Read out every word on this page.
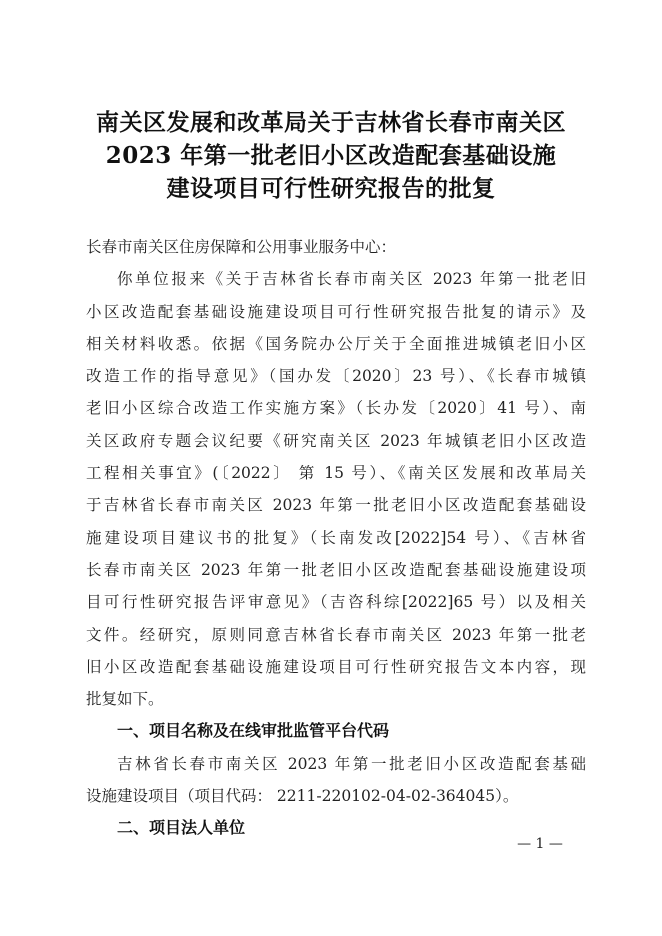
南关区发展和改革局关于吉林省长春市南关区
2023 年第一批老旧小区改造配套基础设施
建设项目可行性研究报告的批复
长春市南关区住房保障和公用事业服务中心：
你单位报来《关于吉林省长春市南关区 2023 年第一批老旧
小区改造配套基础设施建设项目可行性研究报告批复的请示》及
相关材料收悉。依据《国务院办公厅关于全面推进城镇老旧小区
改造工作的指导意见》（国办发〔2020〕23 号）、《长春市城镇
老旧小区综合改造工作实施方案》（长办发〔2020〕41 号）、南
关区政府专题会议纪要《研究南关区 2023 年城镇老旧小区改造
工程相关事宜》(〔2022〕 第 15 号）、《南关区发展和改革局关
于吉林省长春市南关区 2023 年第一批老旧小区改造配套基础设
施建设项目建议书的批复》（长南发改[2022]54 号）、《吉林省
长春市南关区 2023 年第一批老旧小区改造配套基础设施建设项
目可行性研究报告评审意见》（吉咨科综[2022]65 号）以及相关
文件。经研究，原则同意吉林省长春市南关区 2023 年第一批老
旧小区改造配套基础设施建设项目可行性研究报告文本内容，现
批复如下。
一、项目名称及在线审批监管平台代码
吉林省长春市南关区 2023 年第一批老旧小区改造配套基础
设施建设项目（项目代码： 2211-220102-04-02-364045）。
二、项目法人单位
— 1 —
